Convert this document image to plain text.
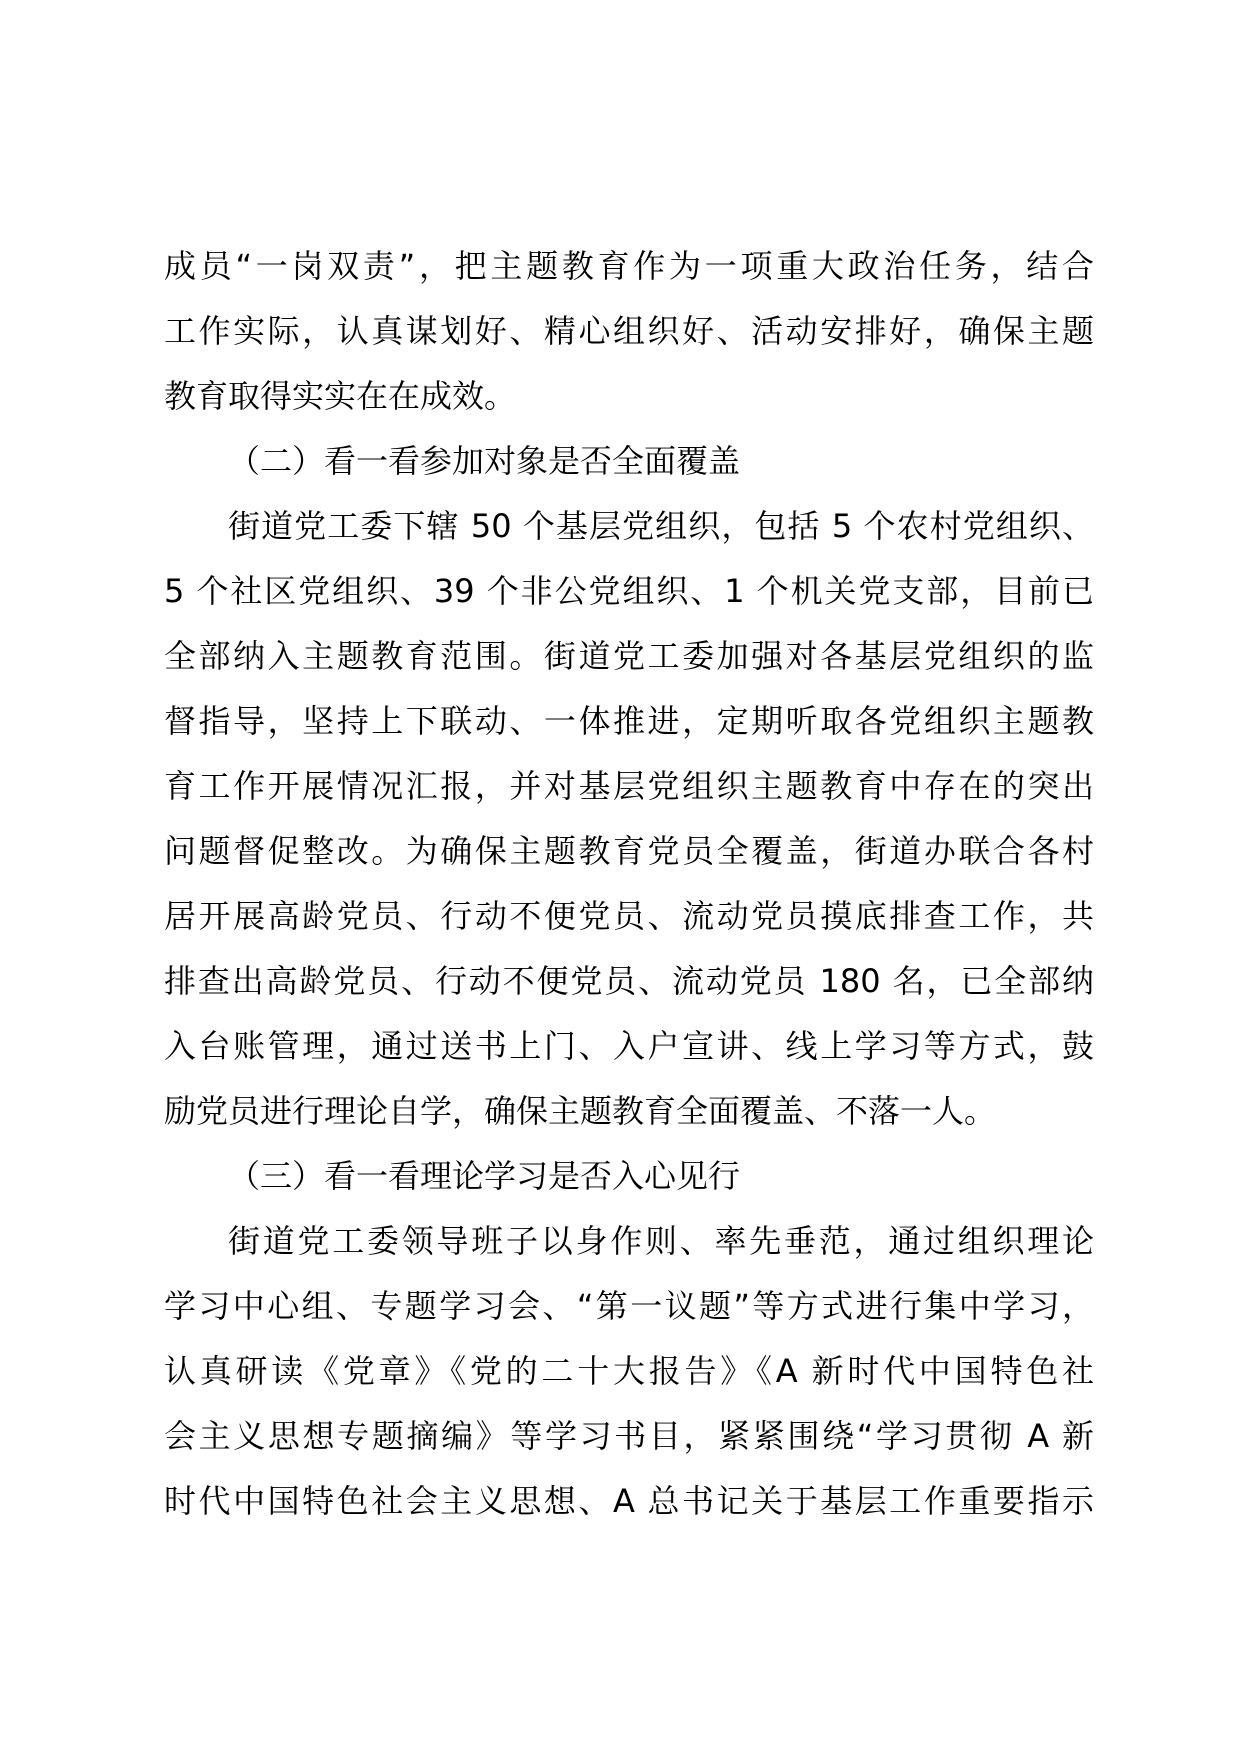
成员“一岗双责”，把主题教育作为一项重大政治任务，结合
工作实际，认真谋划好、精心组织好、活动安排好，确保主题
教育取得实实在在成效。
（二）看一看参加对象是否全面覆盖
街道党工委下辖 50 个基层党组织，包括 5 个农村党组织、
5 个社区党组织、39 个非公党组织、1 个机关党支部，目前已
全部纳入主题教育范围。街道党工委加强对各基层党组织的监
督指导，坚持上下联动、一体推进，定期听取各党组织主题教
育工作开展情况汇报，并对基层党组织主题教育中存在的突出
问题督促整改。为确保主题教育党员全覆盖，街道办联合各村
居开展高龄党员、行动不便党员、流动党员摸底排查工作，共
排查出高龄党员、行动不便党员、流动党员 180 名，已全部纳
入台账管理，通过送书上门、入户宣讲、线上学习等方式，鼓
励党员进行理论自学，确保主题教育全面覆盖、不落一人。
（三）看一看理论学习是否入心见行
街道党工委领导班子以身作则、率先垂范，通过组织理论
学习中心组、专题学习会、“第一议题”等方式进行集中学习，
认真研读《党章》《党的二十大报告》《A 新时代中国特色社
会主义思想专题摘编》等学习书目，紧紧围绕“学习贯彻 A 新
时代中国特色社会主义思想、A 总书记关于基层工作重要指示
